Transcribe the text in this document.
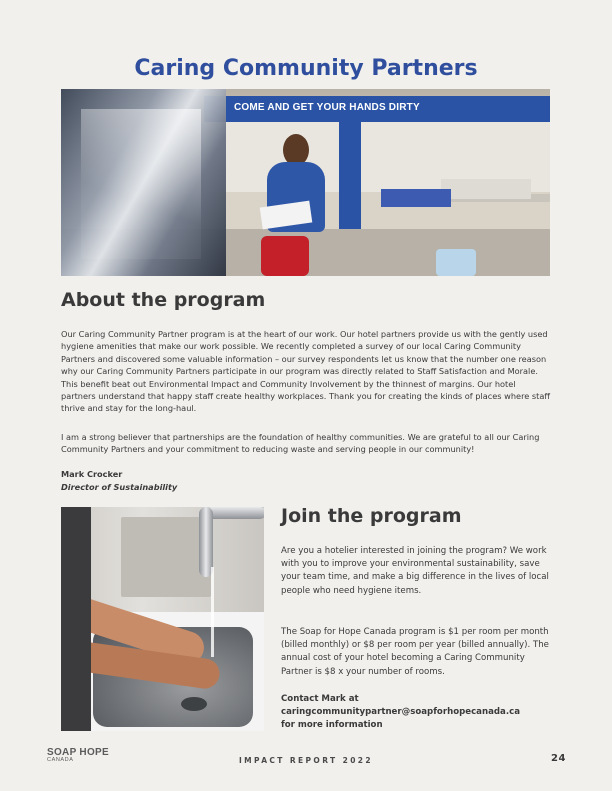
Caring Community Partners
COME AND GET YOUR HANDS DIRTY
About the program

Our Caring Community Partner program is at the heart of our work. Our hotel partners provide us with the gently used hygiene amenities that make our work possible. We recently completed a survey of our local Caring Community Partners and discovered some valuable information – our survey respondents let us know that the number one reason why our Caring Community Partners participate in our program was directly related to Staff Satisfaction and Morale. This benefit beat out Environmental Impact and Community Involvement by the thinnest of margins. Our hotel partners understand that happy staff create healthy workplaces. Thank you for creating the kinds of places where staff thrive and stay for the long-haul.

I am a strong believer that partnerships are the foundation of healthy communities. We are grateful to all our Caring Community Partners and your commitment to reducing waste and serving people in our community!

Mark Crocker
Director of Sustainability
Join the program

Are you a hotelier interested in joining the program? We work with you to improve your environmental sustainability, save your team time, and make a big difference in the lives of local people who need hygiene items.

The Soap for Hope Canada program is $1 per room per month (billed monthly) or $8 per room per year (billed annually). The annual cost of your hotel becoming a Caring Community Partner is $8 x your number of rooms.

Contact Mark at
caringcommunitypartner@soapforhopecanada.ca
for more information
SOAP HOPE
CANADA	IMPACT REPORT 2022	24
